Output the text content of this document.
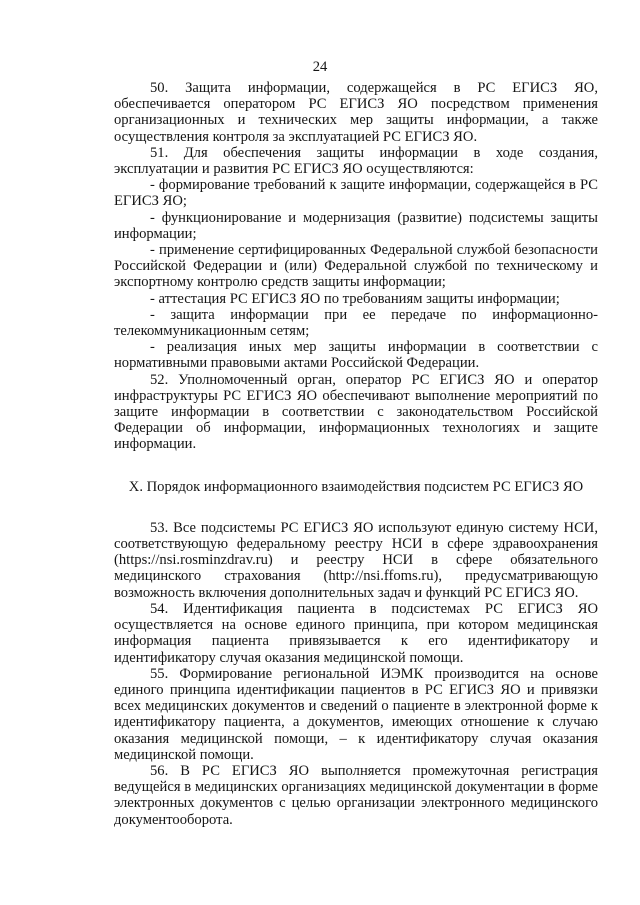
24

50. Защита информации, содержащейся в РС ЕГИСЗ ЯО, обеспечивается оператором РС ЕГИСЗ ЯО посредством применения организационных и технических мер защиты информации, а также осуществления контроля за эксплуатацией РС ЕГИСЗ ЯО.

51. Для обеспечения защиты информации в ходе создания, эксплуатации и развития РС ЕГИСЗ ЯО осуществляются:

- формирование требований к защите информации, содержащейся в РС ЕГИСЗ ЯО;

- функционирование и модернизация (развитие) подсистемы защиты информации;

- применение сертифицированных Федеральной службой безопасности Российской Федерации и (или) Федеральной службой по техническому и экспортному контролю средств защиты информации;

- аттестация РС ЕГИСЗ ЯО по требованиям защиты информации;

- защита информации при ее передаче по информационно-телекоммуникационным сетям;

- реализация иных мер защиты информации в соответствии с нормативными правовыми актами Российской Федерации.

52. Уполномоченный орган, оператор РС ЕГИСЗ ЯО и оператор инфраструктуры РС ЕГИСЗ ЯО обеспечивают выполнение мероприятий по защите информации в соответствии с законодательством Российской Федерации об информации, информационных технологиях и защите информации.

X. Порядок информационного взаимодействия подсистем РС ЕГИСЗ ЯО

53. Все подсистемы РС ЕГИСЗ ЯО используют единую систему НСИ, соответствующую федеральному реестру НСИ в сфере здравоохранения (https://nsi.rosminzdrav.ru) и реестру НСИ в сфере обязательного медицинского страхования (http://nsi.ffoms.ru), предусматривающую возможность включения дополнительных задач и функций РС ЕГИСЗ ЯО.

54. Идентификация пациента в подсистемах РС ЕГИСЗ ЯО осуществляется на основе единого принципа, при котором медицинская информация пациента привязывается к его идентификатору и идентификатору случая оказания медицинской помощи.

55. Формирование региональной ИЭМК производится на основе единого принципа идентификации пациентов в РС ЕГИСЗ ЯО и привязки всех медицинских документов и сведений о пациенте в электронной форме к идентификатору пациента, а документов, имеющих отношение к случаю оказания медицинской помощи, – к идентификатору случая оказания медицинской помощи.

56. В РС ЕГИСЗ ЯО выполняется промежуточная регистрация ведущейся в медицинских организациях медицинской документации в форме электронных документов с целью организации электронного медицинского документооборота.
